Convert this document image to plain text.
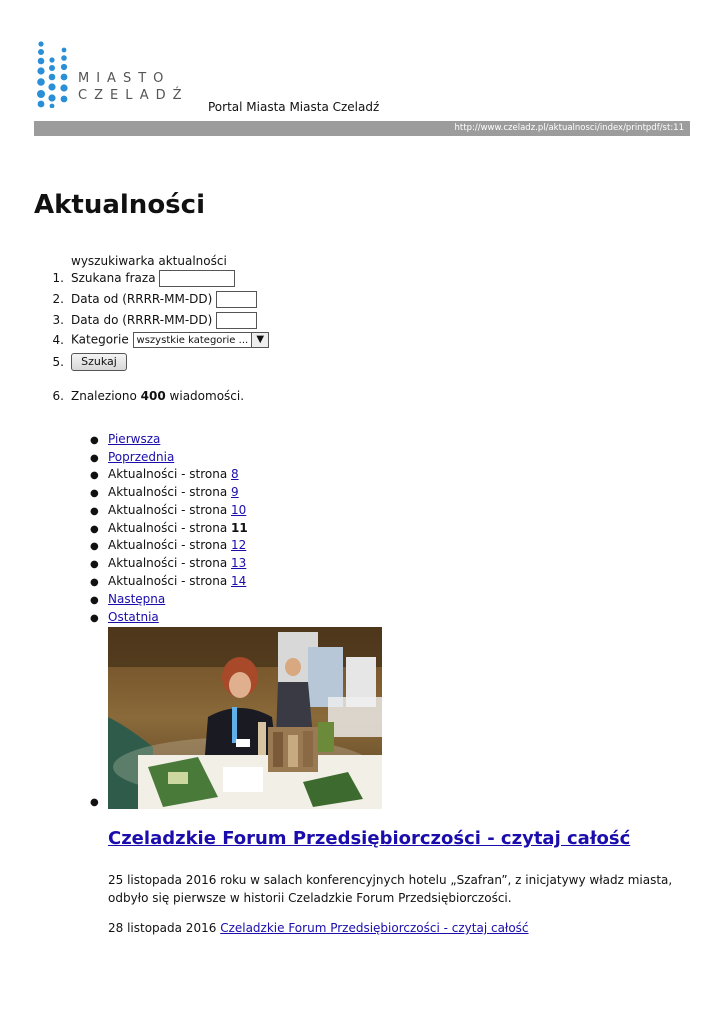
MIASTO
CZELADŹ
Portal Miasta Miasta Czeladź
http://www.czeladz.pl/aktualnosci/index/printpdf/st:11
Aktualności
wyszukiwarka aktualności
1. Szukana fraza
2. Data od (RRRR-MM-DD)
3. Data do (RRRR-MM-DD)
4. Kategorie wszystkie kategorie ... ▼
5. Szukaj
6. Znaleziono 400 wiadomości.
● Pierwsza
● Poprzednia
● Aktualności - strona 8
● Aktualności - strona 9
● Aktualności - strona 10
● Aktualności - strona 11
● Aktualności - strona 12
● Aktualności - strona 13
● Aktualności - strona 14
● Następna
● Ostatnia
●
Czeladzkie Forum Przedsiębiorczości - czytaj całość

25 listopada 2016 roku w salach konferencyjnych hotelu „Szafran”, z inicjatywy władz miasta, odbyło się pierwsze w historii Czeladzkie Forum Przedsiębiorczości.

28 listopada 2016 Czeladzkie Forum Przedsiębiorczości - czytaj całość
